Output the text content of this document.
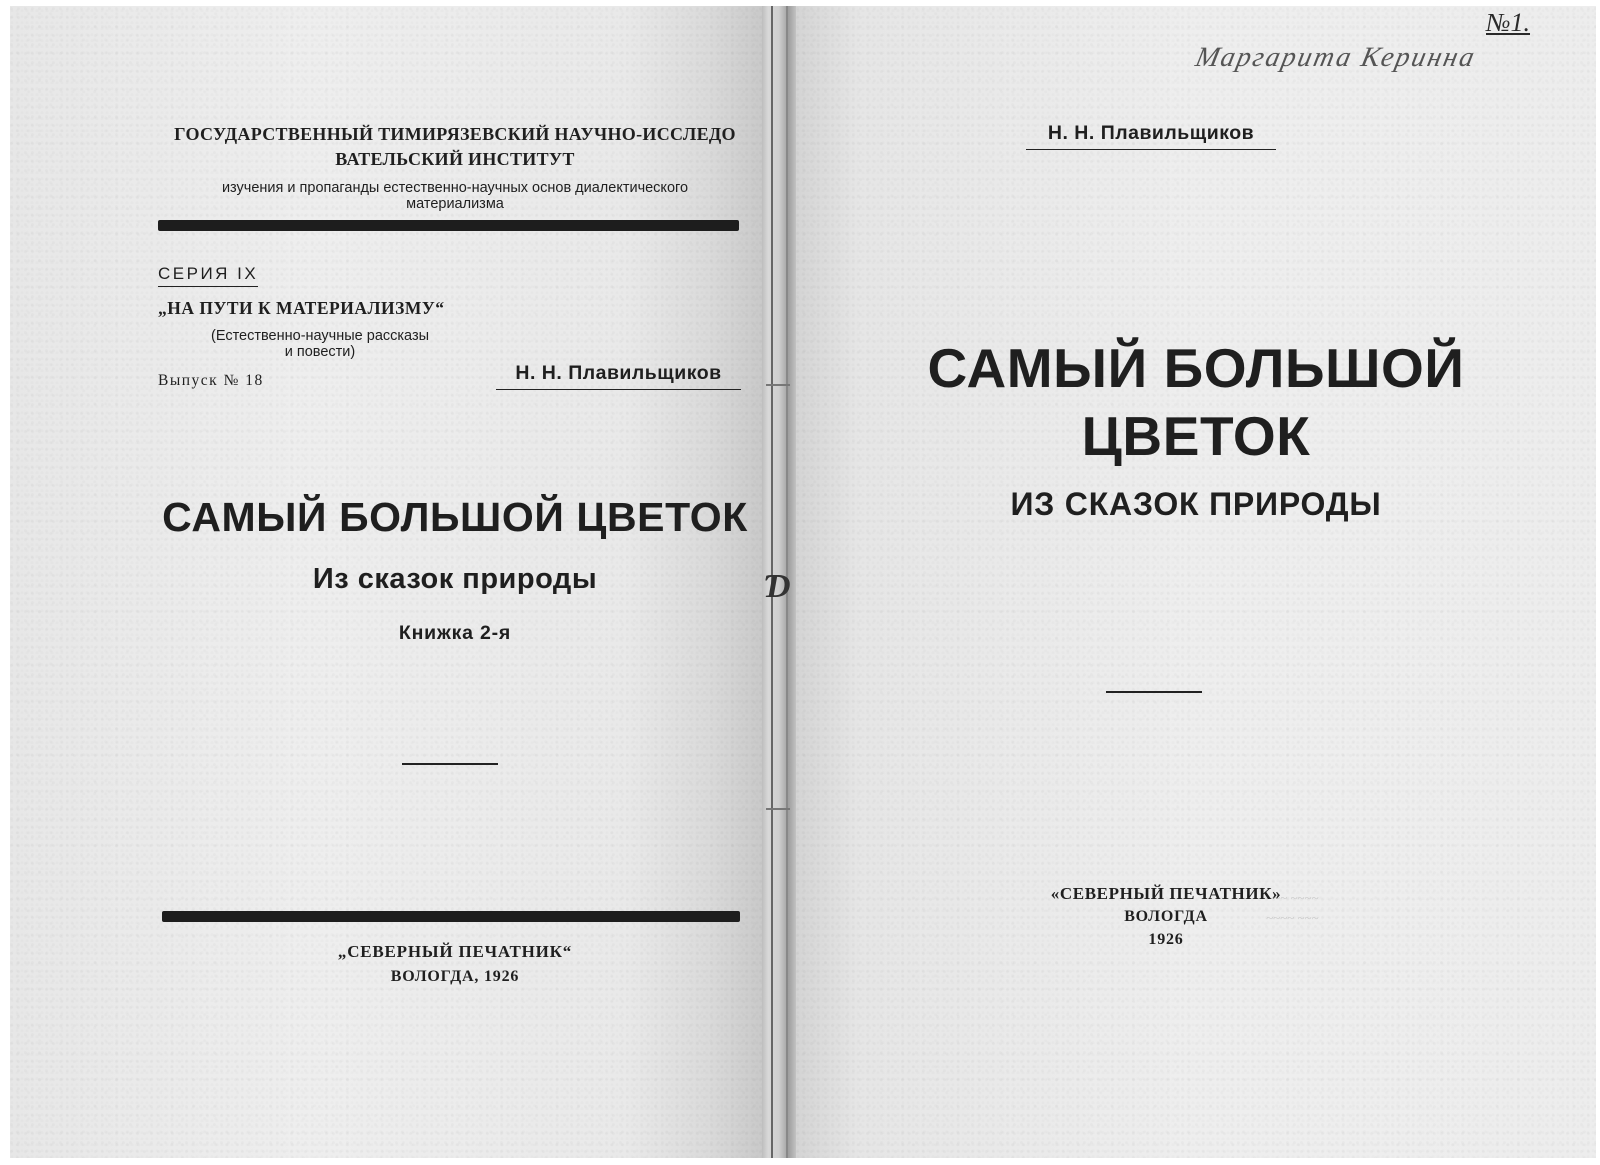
ГОСУДАРСТВЕННЫЙ ТИМИРЯЗЕВСКИЙ НАУЧНО-ИССЛЕДО
ВАТЕЛЬСКИЙ ИНСТИТУТ
изучения и пропаганды естественно-научных основ диалектического
материализма
СЕРИЯ IX
„НА ПУТИ К МАТЕРИАЛИЗМУ“
(Естественно-научные рассказы
и повести)
Выпуск № 18	Н. Н. Плавильщиков
САМЫЙ БОЛЬШОЙ ЦВЕТОК
Из сказок природы
Книжка 2-я
„СЕВЕРНЫЙ ПЕЧАТНИК“
ВОЛОГДА, 1926
Ɗ
№1.
Маргарита Керинна
Н. Н. Плавильщиков
САМЫЙ БОЛЬШОЙ
ЦВЕТОК
ИЗ СКАЗОК ПРИРОДЫ
~~~ ~~~~
~~~~ ~~~
«СЕВЕРНЫЙ ПЕЧАТНИК»
ВОЛОГДА
1926
